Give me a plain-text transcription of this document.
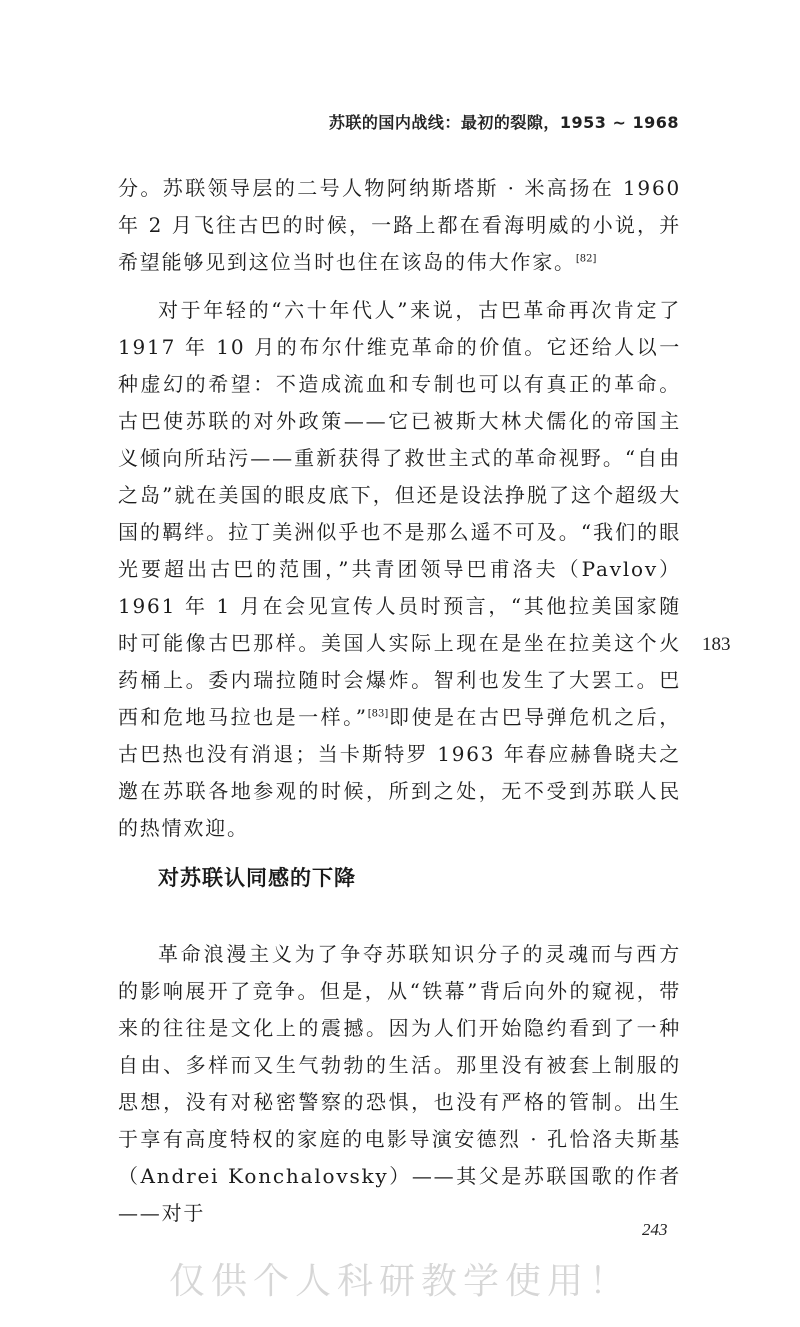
苏联的国内战线：最初的裂隙，1953 ~ 1968

分。苏联领导层的二号人物阿纳斯塔斯 · 米高扬在 1960 年 2 月飞往古巴的时候，一路上都在看海明威的小说，并希望能够见到这位当时也住在该岛的伟大作家。[82]

对于年轻的“六十年代人”来说，古巴革命再次肯定了 1917 年 10 月的布尔什维克革命的价值。它还给人以一种虚幻的希望：不造成流血和专制也可以有真正的革命。古巴使苏联的对外政策——它已被斯大林犬儒化的帝国主义倾向所玷污——重新获得了救世主式的革命视野。“自由之岛”就在美国的眼皮底下，但还是设法挣脱了这个超级大国的羁绊。拉丁美洲似乎也不是那么遥不可及。“我们的眼光要超出古巴的范围，”共青团领导巴甫洛夫（Pavlov）1961 年 1 月在会见宣传人员时预言，“其他拉美国家随时可能像古巴那样。美国人实际上现在是坐在拉美这个火药桶上。委内瑞拉随时会爆炸。智利也发生了大罢工。巴西和危地马拉也是一样。”[83]即使是在古巴导弹危机之后，古巴热也没有消退；当卡斯特罗 1963 年春应赫鲁晓夫之邀在苏联各地参观的时候，所到之处，无不受到苏联人民的热情欢迎。

183
对苏联认同感的下降

革命浪漫主义为了争夺苏联知识分子的灵魂而与西方的影响展开了竞争。但是，从“铁幕”背后向外的窥视，带来的往往是文化上的震撼。因为人们开始隐约看到了一种自由、多样而又生气勃勃的生活。那里没有被套上制服的思想，没有对秘密警察的恐惧，也没有严格的管制。出生于享有高度特权的家庭的电影导演安德烈 · 孔恰洛夫斯基（Andrei Konchalovsky）——其父是苏联国歌的作者——对于

243
仅供个人科研教学使用！
